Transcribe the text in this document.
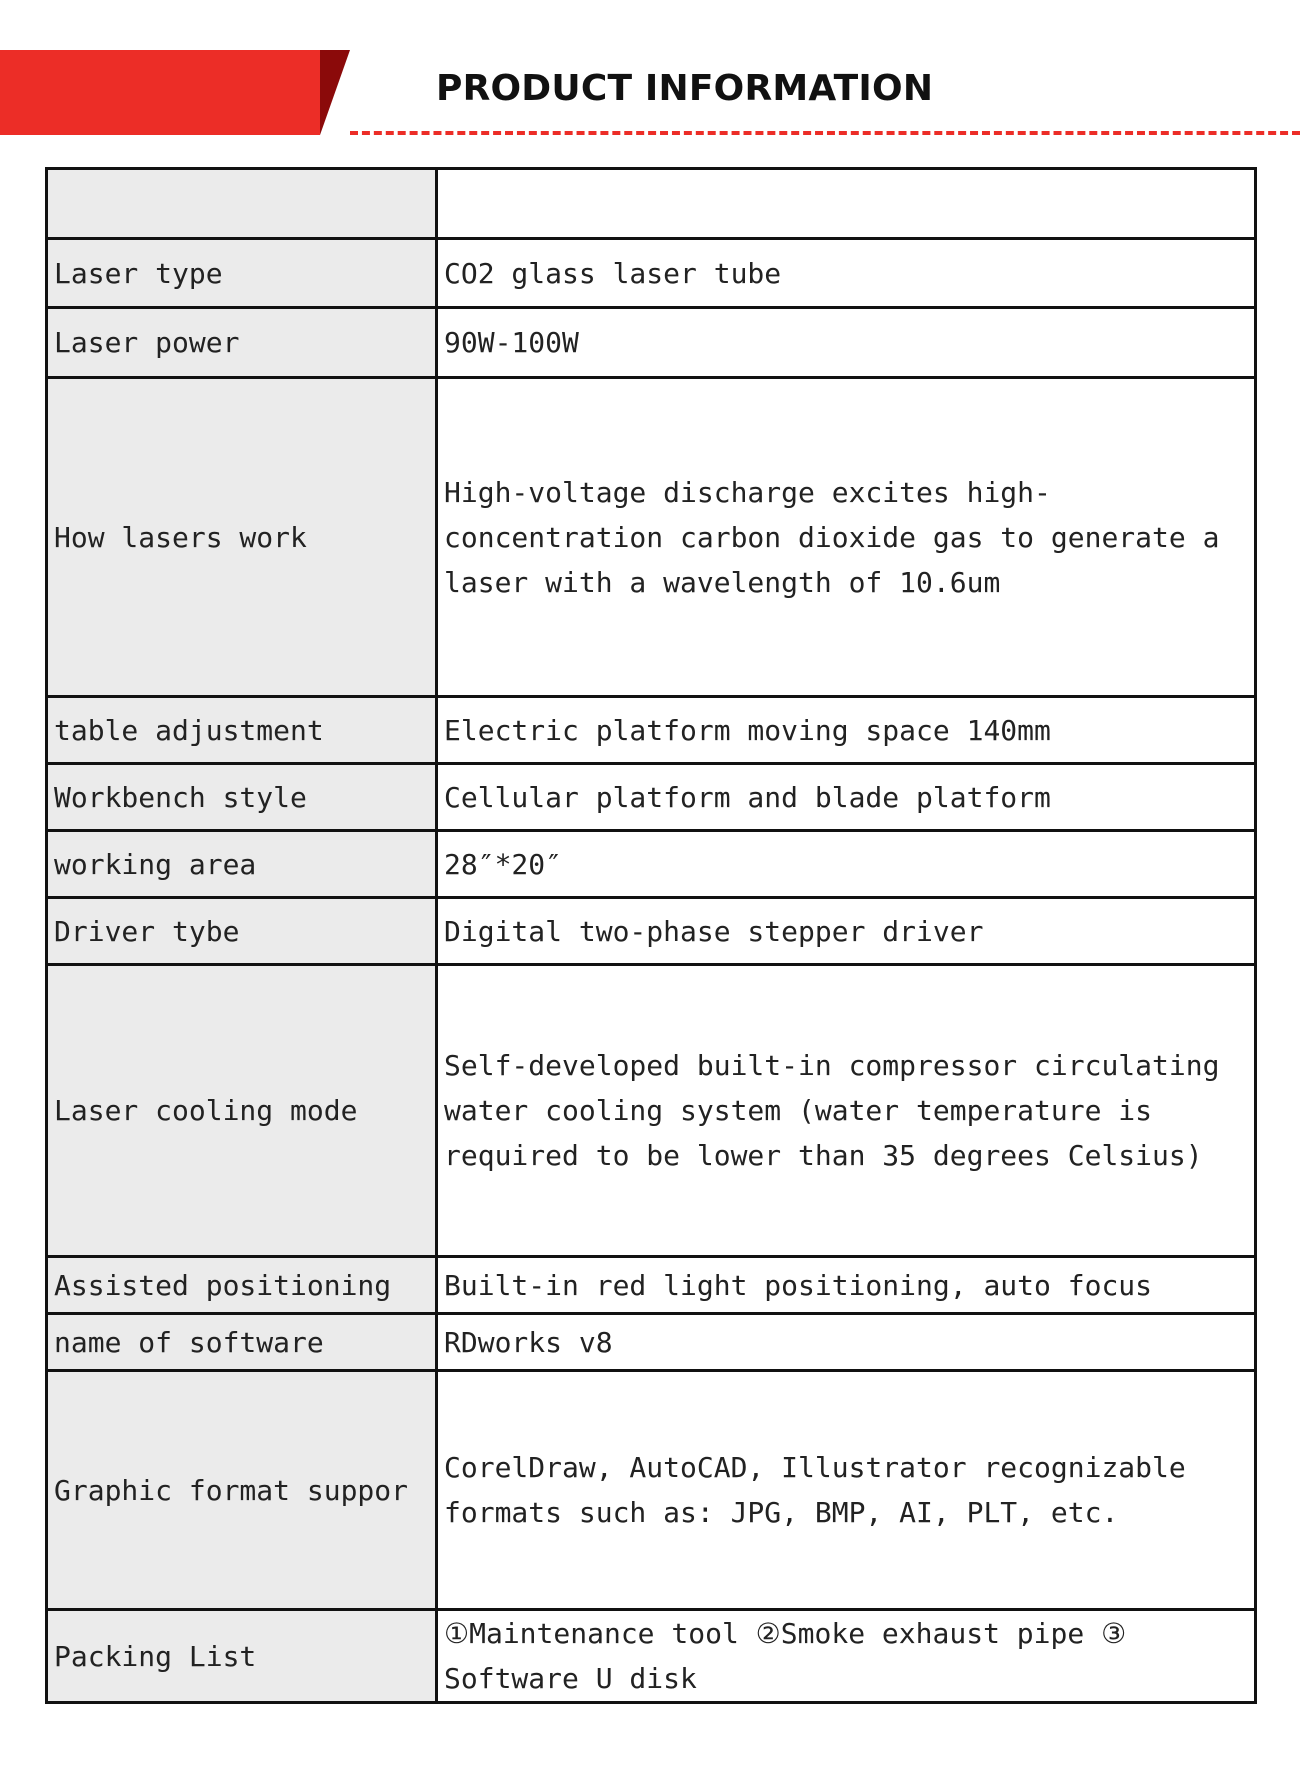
PRODUCT INFORMATION

Laser type	CO2 glass laser tube
Laser power	90W-100W
How lasers work	High-voltage discharge excites high-concentration carbon dioxide gas to generate a laser with a wavelength of 10.6um
table adjustment	Electric platform moving space 140mm
Workbench style	Cellular platform and blade platform
working area	28″*20″
Driver tybe	Digital two-phase stepper driver
Laser cooling mode	Self-developed built-in compressor circulating water cooling system (water temperature is required to be lower than 35 degrees Celsius)
Assisted positioning	Built-in red light positioning, auto focus
name of software	RDworks v8
Graphic format suppor	CorelDraw, AutoCAD, Illustrator recognizable formats such as: JPG, BMP, AI, PLT, etc.
Packing List	①Maintenance tool ②Smoke exhaust pipe ③ Software U disk
